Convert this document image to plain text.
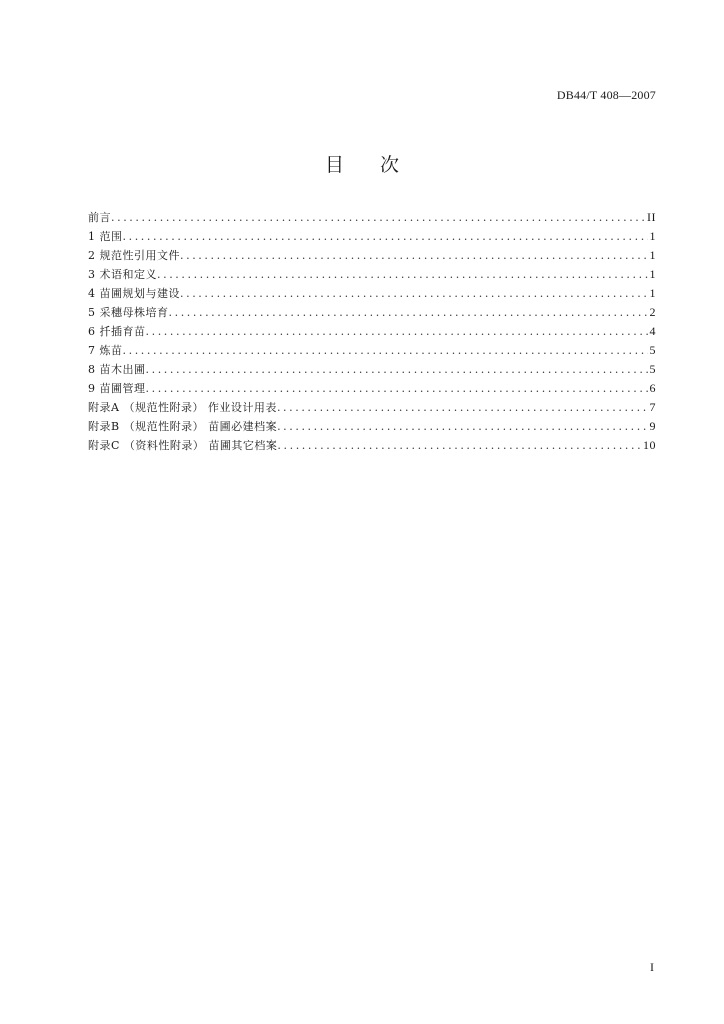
DB44/T 408—2007
目次
前言 .....	II
1 范围 .....	1
2 规范性引用文件 .....	1
3 术语和定义 .....	1
4 苗圃规划与建设 .....	1
5 采穗母株培育 .....	2
6 扦插育苗 .....	4
7 炼苗 .....	5
8 苗木出圃 .....	5
9 苗圃管理 .....	6
附录A （规范性附录） 作业设计用表 .....	7
附录B （规范性附录） 苗圃必建档案 .....	9
附录C （资料性附录） 苗圃其它档案 .....	10
I
